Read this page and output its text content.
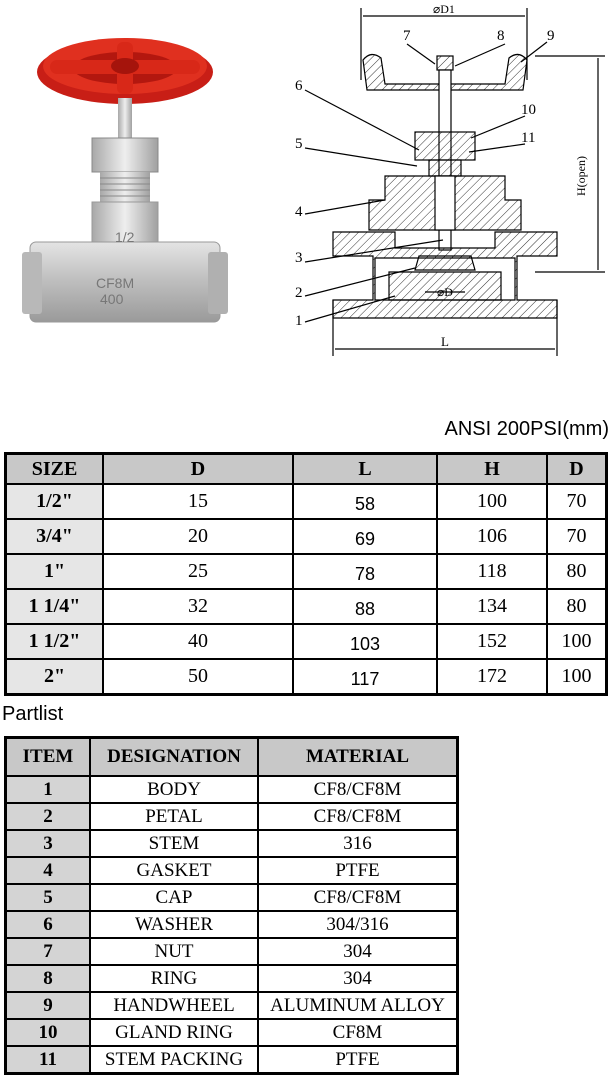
1/2
CF8M
400
1
2
3
4
5
6
7	8	9
10
11
⌀D1
⌀D
L
H(open)
ANSI 200PSI(mm)
SIZE	D	L	H	D
1/2"	15	58	100	70
3/4"	20	69	106	70
1"	25	78	118	80
1 1/4"	32	88	134	80
1 1/2"	40	103	152	100
2"	50	117	172	100
Partlist
ITEM	DESIGNATION	MATERIAL
1	BODY	CF8/CF8M
2	PETAL	CF8/CF8M
3	STEM	316
4	GASKET	PTFE
5	CAP	CF8/CF8M
6	WASHER	304/316
7	NUT	304
8	RING	304
9	HANDWHEEL	ALUMINUM ALLOY
10	GLAND RING	CF8M
11	STEM PACKING	PTFE
